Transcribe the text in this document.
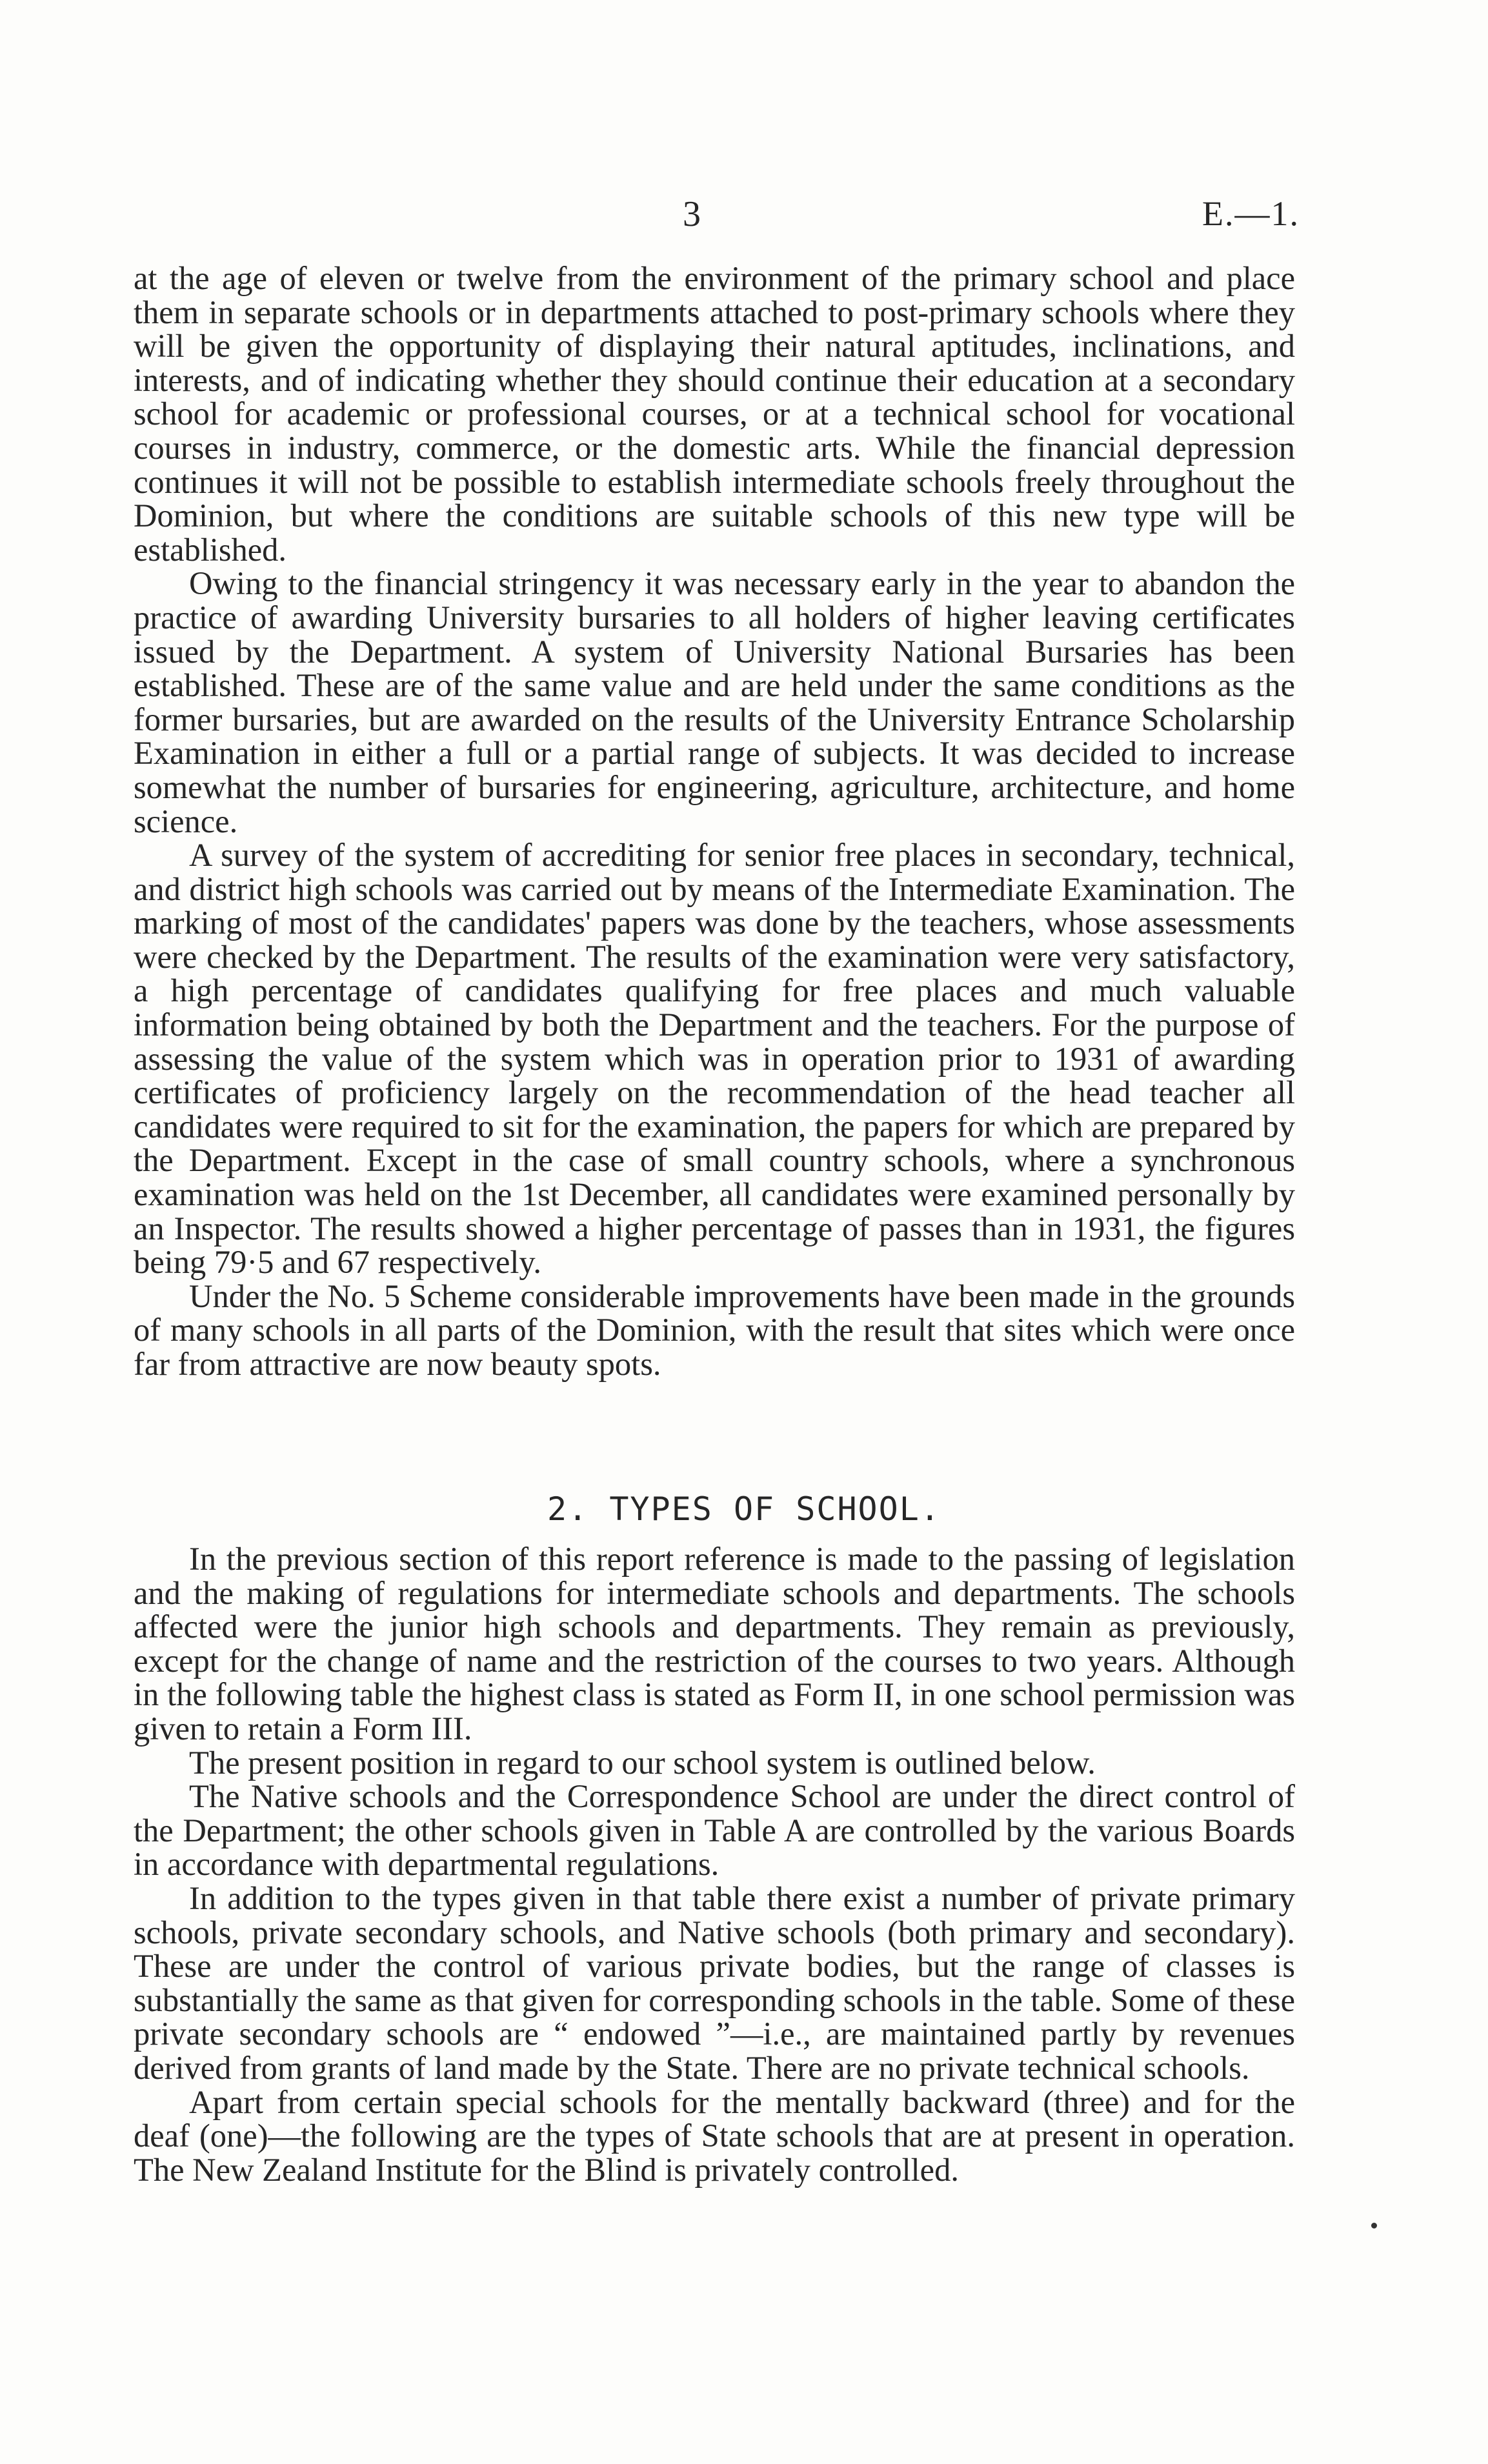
3	E.—1.

at the age of eleven or twelve from the environment of the primary school and place them in separate schools or in departments attached to post-primary schools where they will be given the opportunity of displaying their natural aptitudes, inclinations, and interests, and of indicating whether they should continue their education at a secondary school for academic or professional courses, or at a technical school for vocational courses in industry, commerce, or the domestic arts. While the financial depression continues it will not be possible to establish intermediate schools freely throughout the Dominion, but where the conditions are suitable schools of this new type will be established.

Owing to the financial stringency it was necessary early in the year to abandon the practice of awarding University bursaries to all holders of higher leaving certificates issued by the Department. A system of University National Bursaries has been established. These are of the same value and are held under the same conditions as the former bursaries, but are awarded on the results of the University Entrance Scholarship Examination in either a full or a partial range of subjects. It was decided to increase somewhat the number of bursaries for engineering, agriculture, architecture, and home science.

A survey of the system of accrediting for senior free places in secondary, technical, and district high schools was carried out by means of the Intermediate Examination. The marking of most of the candidates' papers was done by the teachers, whose assessments were checked by the Department. The results of the examination were very satisfactory, a high percentage of candidates qualifying for free places and much valuable information being obtained by both the Department and the teachers. For the purpose of assessing the value of the system which was in operation prior to 1931 of awarding certificates of proficiency largely on the recommendation of the head teacher all candidates were required to sit for the examination, the papers for which are prepared by the Department. Except in the case of small country schools, where a synchronous examination was held on the 1st December, all candidates were examined personally by an Inspector. The results showed a higher percentage of passes than in 1931, the figures being 79·5 and 67 respectively.

Under the No. 5 Scheme considerable improvements have been made in the grounds of many schools in all parts of the Dominion, with the result that sites which were once far from attractive are now beauty spots.

2. TYPES OF SCHOOL.

In the previous section of this report reference is made to the passing of legislation and the making of regulations for intermediate schools and departments. The schools affected were the junior high schools and departments. They remain as previously, except for the change of name and the restriction of the courses to two years. Although in the following table the highest class is stated as Form II, in one school permission was given to retain a Form III.

The present position in regard to our school system is outlined below.

The Native schools and the Correspondence School are under the direct control of the Department; the other schools given in Table A are controlled by the various Boards in accordance with departmental regulations.

In addition to the types given in that table there exist a number of private primary schools, private secondary schools, and Native schools (both primary and secondary). These are under the control of various private bodies, but the range of classes is substantially the same as that given for corresponding schools in the table. Some of these private secondary schools are “ endowed ”—i.e., are maintained partly by revenues derived from grants of land made by the State. There are no private technical schools.

Apart from certain special schools for the mentally backward (three) and for the deaf (one)—the following are the types of State schools that are at present in operation. The New Zealand Institute for the Blind is privately controlled.
